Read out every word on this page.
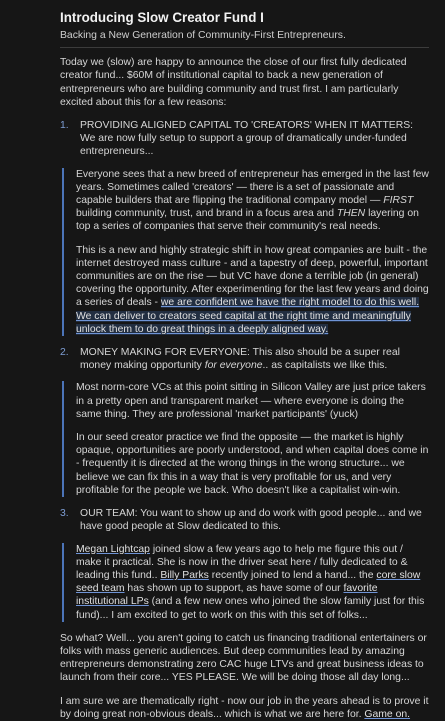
Introducing Slow Creator Fund I
Backing a New Generation of Community-First Entrepreneurs.

Today we (slow) are happy to announce the close of our first fully dedicated creator fund... $60M of institutional capital to back a new generation of entrepreneurs who are building community and trust first. I am particularly excited about this for a few reasons:

1. PROVIDING ALIGNED CAPITAL TO 'CREATORS' WHEN IT MATTERS: We are now fully setup to support a group of dramatically under-funded entrepreneurs...

Everyone sees that a new breed of entrepreneur has emerged in the last few years. Sometimes called 'creators' — there is a set of passionate and capable builders that are flipping the traditional company model — FIRST building community, trust, and brand in a focus area and THEN layering on top a series of companies that serve their community's real needs.

This is a new and highly strategic shift in how great companies are built - the internet destroyed mass culture - and a tapestry of deep, powerful, important communities are on the rise — but VC have done a terrible job (in general) covering the opportunity. After experimenting for the last few years and doing a series of deals - we are confident we have the right model to do this well. We can deliver to creators seed capital at the right time and meaningfully unlock them to do great things in a deeply aligned way.

2. MONEY MAKING FOR EVERYONE: This also should be a super real money making opportunity for everyone.. as capitalists we like this.

Most norm-core VCs at this point sitting in Silicon Valley are just price takers in a pretty open and transparent market — where everyone is doing the same thing. They are professional 'market participants' (yuck)

In our seed creator practice we find the opposite — the market is highly opaque, opportunities are poorly understood, and when capital does come in - frequently it is directed at the wrong things in the wrong structure... we believe we can fix this in a way that is very profitable for us, and very profitable for the people we back. Who doesn't like a capitalist win-win.

3. OUR TEAM: You want to show up and do work with good people... and we have good people at Slow dedicated to this.

Megan Lightcap joined slow a few years ago to help me figure this out / make it practical. She is now in the driver seat here / fully dedicated to & leading this fund.. Billy Parks recently joined to lend a hand... the core slow seed team has shown up to support, as have some of our favorite institutional LPs (and a few new ones who joined the slow family just for this fund)... I am excited to get to work on this with this set of folks...

So what? Well... you aren't going to catch us financing traditional entertainers or folks with mass generic audiences. But deep communities lead by amazing entrepreneurs demonstrating zero CAC huge LTVs and great business ideas to launch from their core... YES PLEASE. We will be doing those all day long...

I am sure we are thematically right - now our job in the years ahead is to prove it by doing great non-obvious deals... which is what we are here for. Game on.
